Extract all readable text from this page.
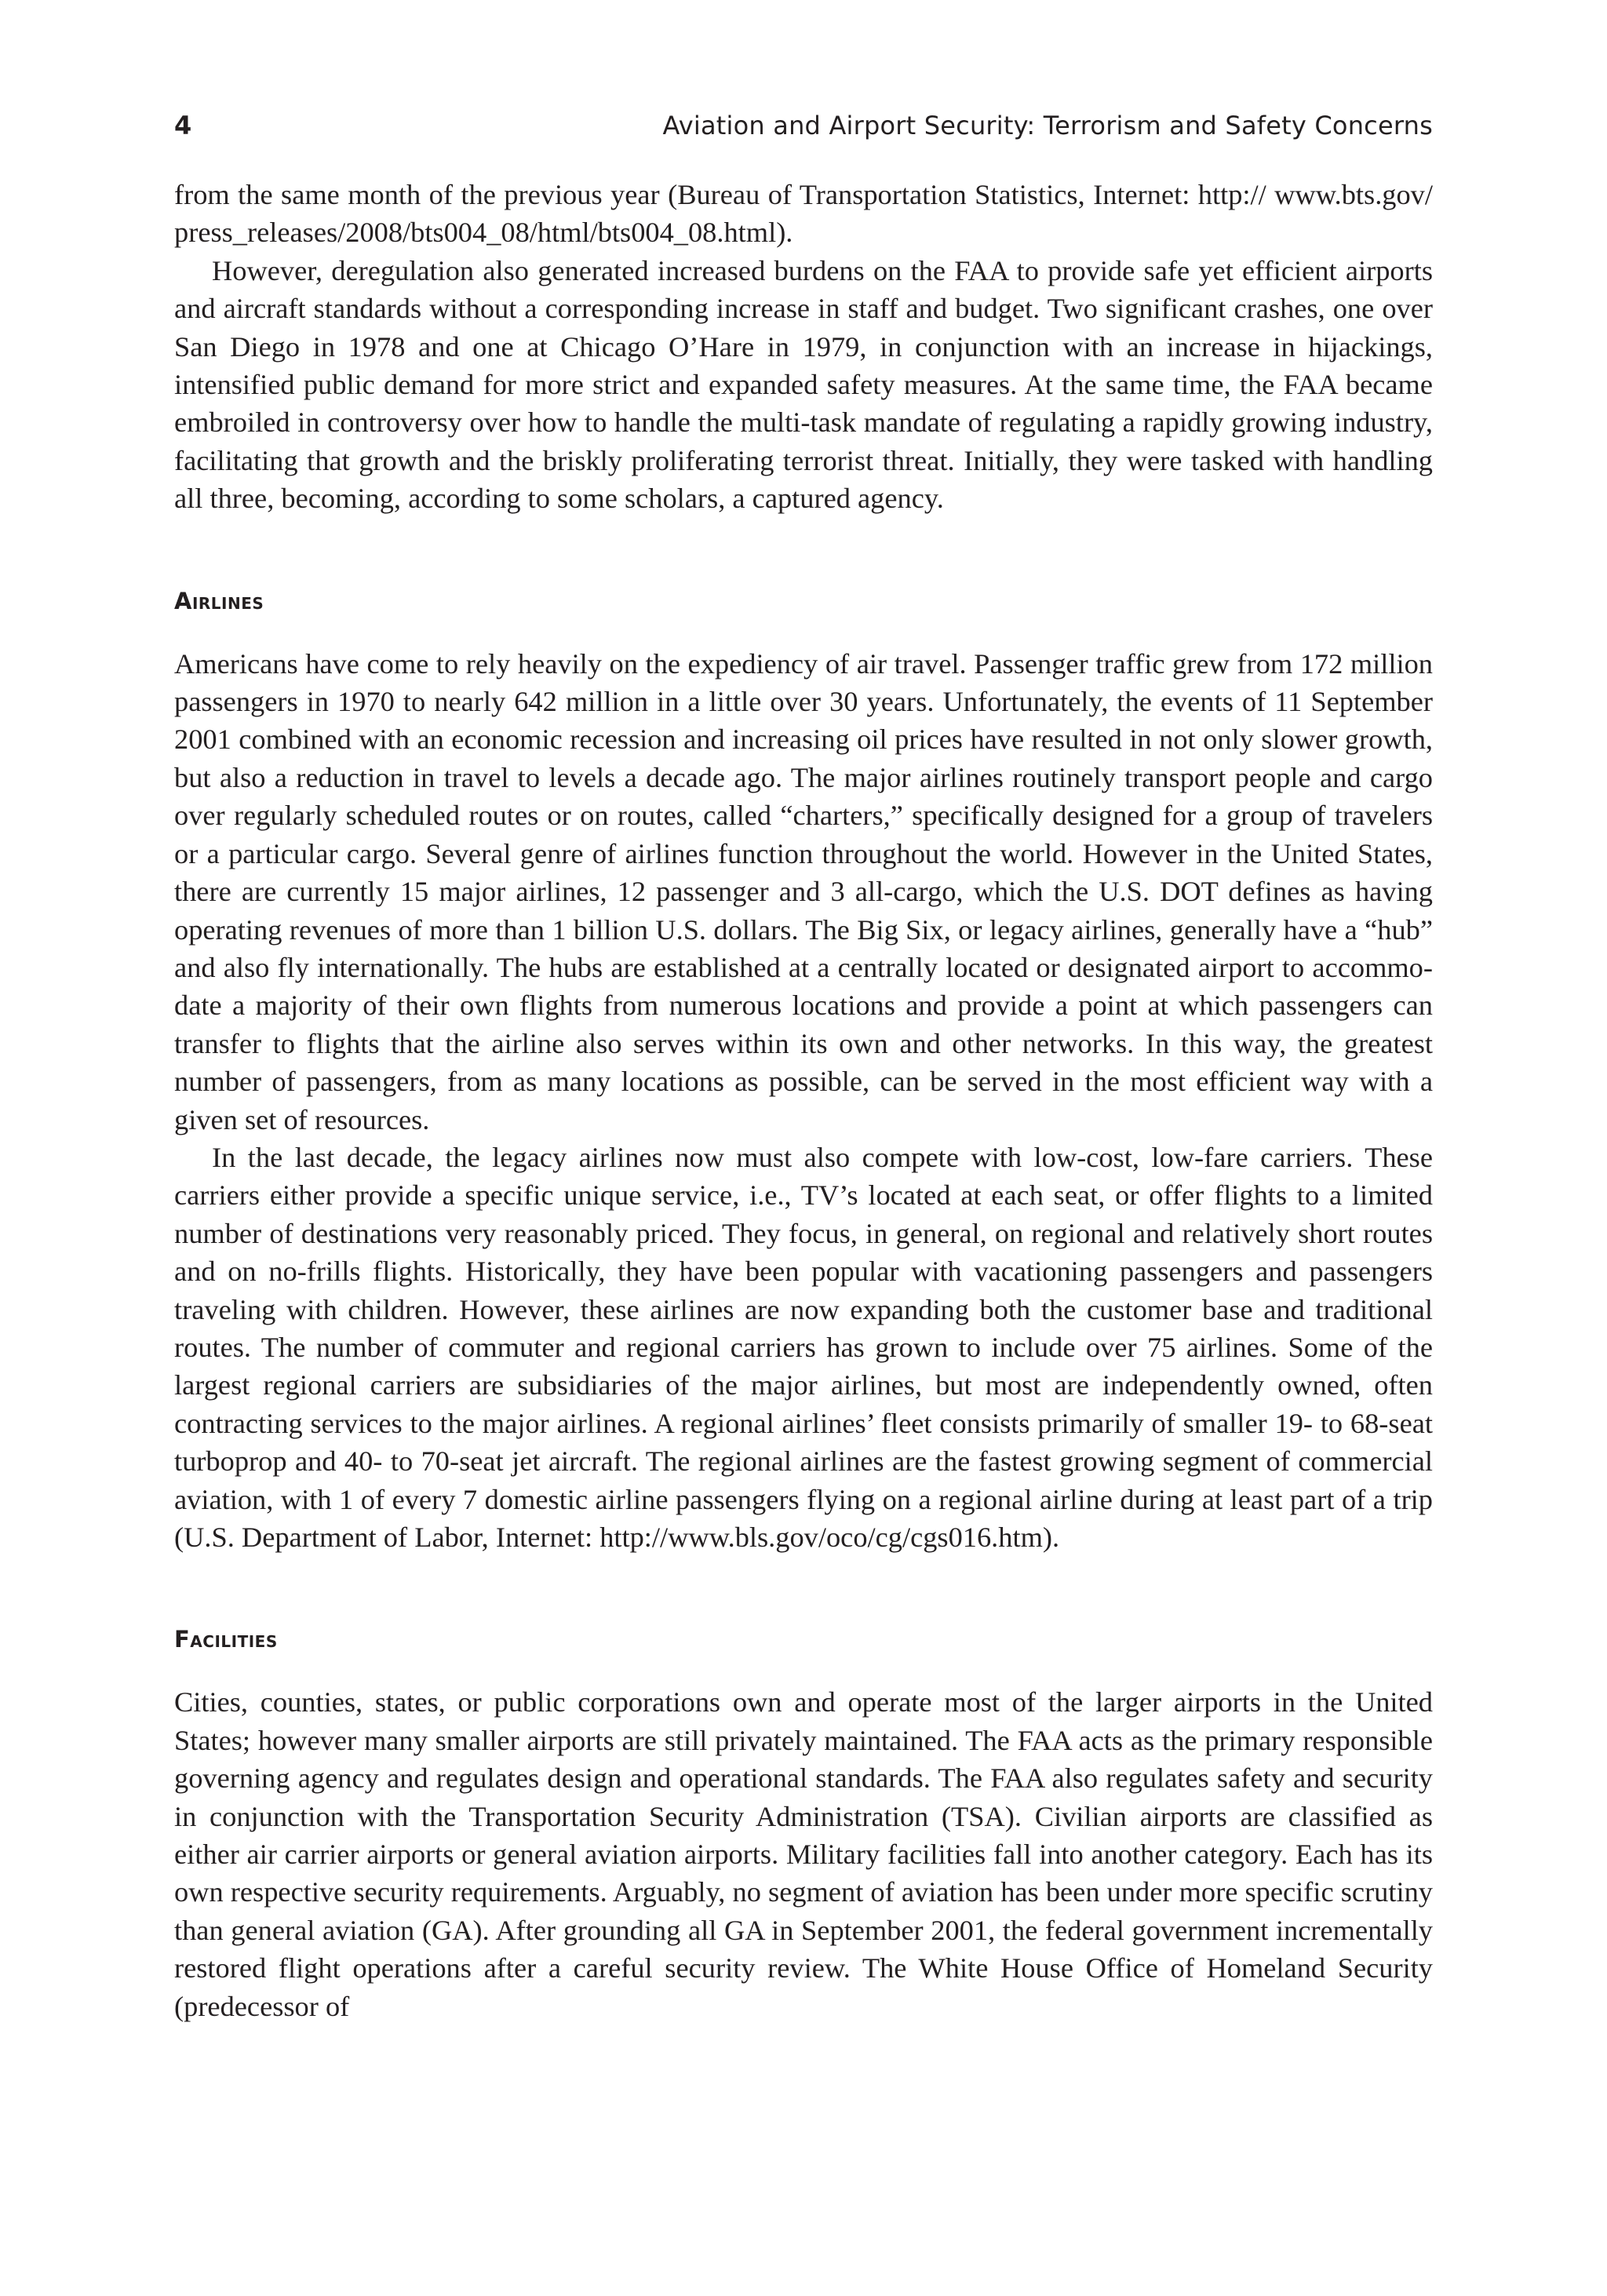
4	Aviation and Airport Security: Terrorism and Safety Concerns

from the same month of the previous year (Bureau of Transportation Statistics, Internet: http:// www.bts.gov/ press_releases/2008/bts004_08/html/bts004_08.html).

However, deregulation also generated increased burdens on the FAA to provide safe yet efficient airports and aircraft standards without a corresponding increase in staff and budget. Two significant crashes, one over San Diego in 1978 and one at Chicago O’Hare in 1979, in conjunction with an increase in hijackings, intensified public demand for more strict and expanded safety measures. At the same time, the FAA became embroiled in controversy over how to handle the multi-task mandate of regulating a rapidly growing industry, facilitating that growth and the briskly proliferating terrorist threat. Initially, they were tasked with handling all three, becoming, according to some scholars, a captured agency.

Airlines

Americans have come to rely heavily on the expediency of air travel. Passenger traffic grew from 172 million passengers in 1970 to nearly 642 million in a little over 30 years. Unfortunately, the events of 11 September 2001 combined with an economic recession and increasing oil prices have resulted in not only slower growth, but also a reduction in travel to levels a decade ago. The major airlines routinely transport people and cargo over regularly scheduled routes or on routes, called “charters,” specifically designed for a group of travelers or a particular cargo. Several genre of airlines function throughout the world. However in the United States, there are currently 15 major airlines, 12 passenger and 3 all-cargo, which the U.S. DOT defines as having operating revenues of more than 1 billion U.S. dollars. The Big Six, or legacy airlines, generally have a “hub” and also fly internationally. The hubs are established at a centrally located or designated airport to accommodate a majority of their own flights from numerous locations and provide a point at which passengers can transfer to flights that the airline also serves within its own and other networks. In this way, the greatest number of passengers, from as many locations as possible, can be served in the most efficient way with a given set of resources.

In the last decade, the legacy airlines now must also compete with low-cost, low-fare carriers. These carriers either provide a specific unique service, i.e., TV’s located at each seat, or offer flights to a limited number of destinations very reasonably priced. They focus, in general, on regional and relatively short routes and on no-frills flights. Historically, they have been popular with vacationing passengers and passengers traveling with children. However, these airlines are now expanding both the customer base and traditional routes. The number of commuter and regional carriers has grown to include over 75 airlines. Some of the largest regional carriers are subsidiaries of the major airlines, but most are independently owned, often contracting services to the major airlines. A regional airlines’ fleet consists primarily of smaller 19- to 68-seat turboprop and 40- to 70-seat jet aircraft. The regional airlines are the fastest growing segment of commercial aviation, with 1 of every 7 domestic airline passengers flying on a regional airline during at least part of a trip (U.S. Department of Labor, Internet: http://www.bls.gov/oco/cg/cgs016.htm).

Facilities

Cities, counties, states, or public corporations own and operate most of the larger airports in the United States; however many smaller airports are still privately maintained. The FAA acts as the primary responsible governing agency and regulates design and operational standards. The FAA also regulates safety and security in conjunction with the Transportation Security Administration (TSA). Civilian airports are classified as either air carrier airports or general aviation airports. Military facilities fall into another category. Each has its own respective security requirements. Arguably, no segment of aviation has been under more specific scrutiny than general aviation (GA). After grounding all GA in September 2001, the federal government incrementally restored flight operations after a careful security review. The White House Office of Homeland Security (predecessor of
